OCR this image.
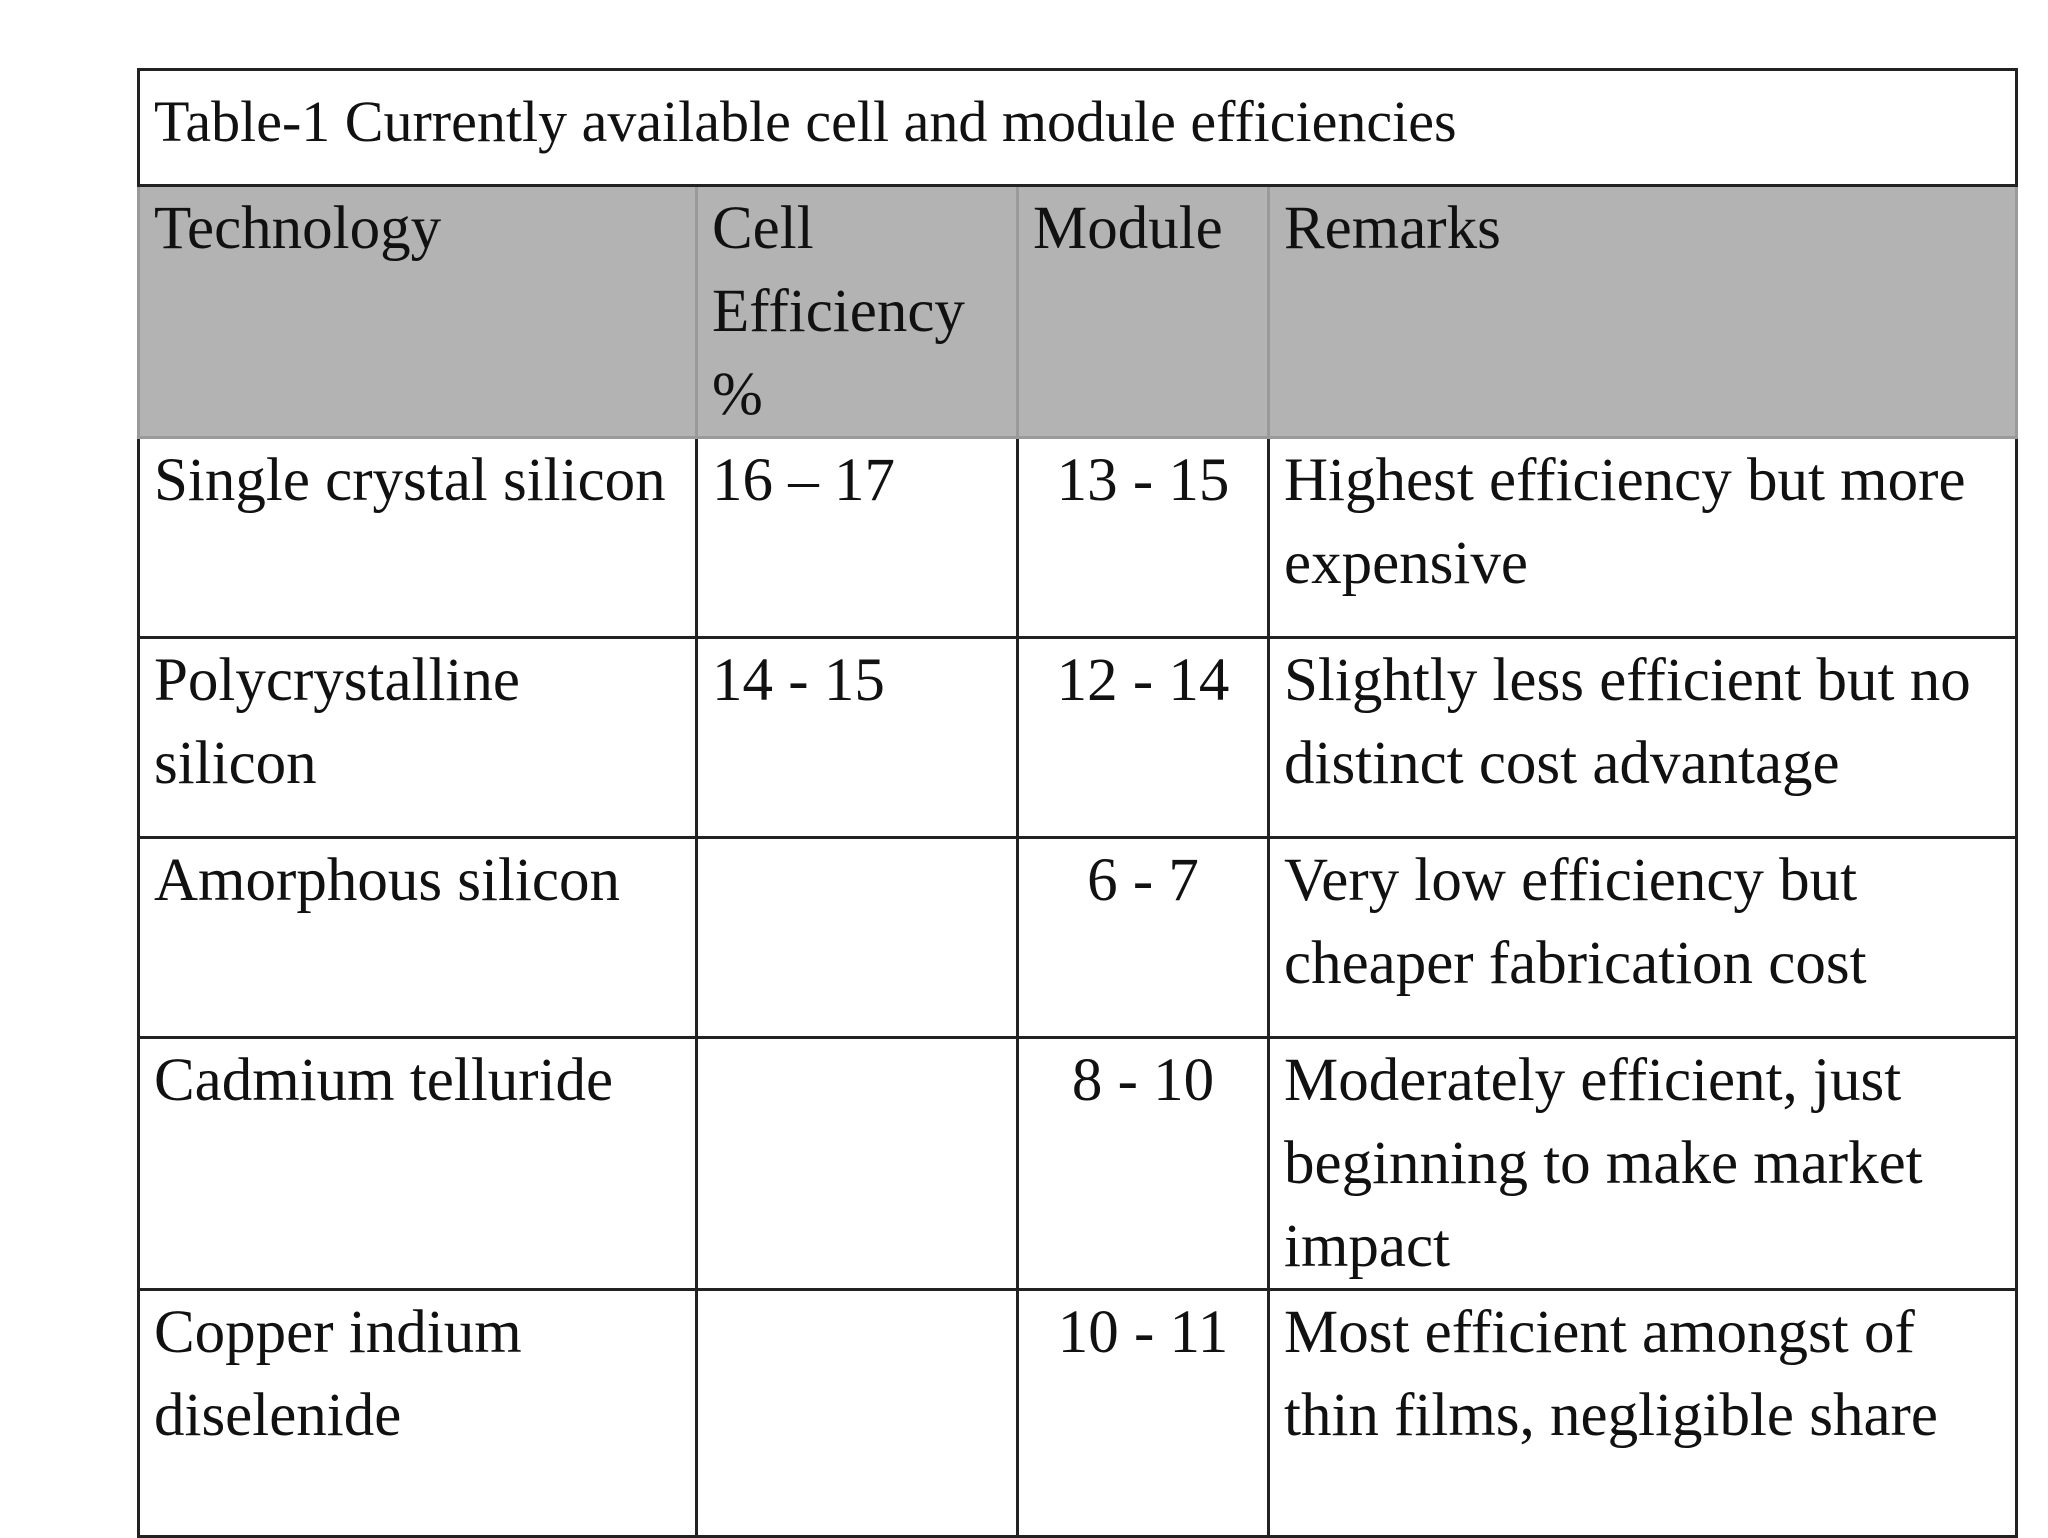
Table-1 Currently available cell and module efficiencies			
Technology	Cell Efficiency %	Module	Remarks
Single crystal silicon	16 – 17	13 - 15	Highest efficiency but more expensive
Polycrystalline silicon	14 - 15	12 - 14	Slightly less efficient but no distinct cost advantage
Amorphous silicon		6 - 7	Very low efficiency but cheaper fabrication cost
Cadmium telluride		8 - 10	Moderately efficient, just beginning to make market impact
Copper indium diselenide		10 - 11	Most efficient amongst of thin films, negligible share
